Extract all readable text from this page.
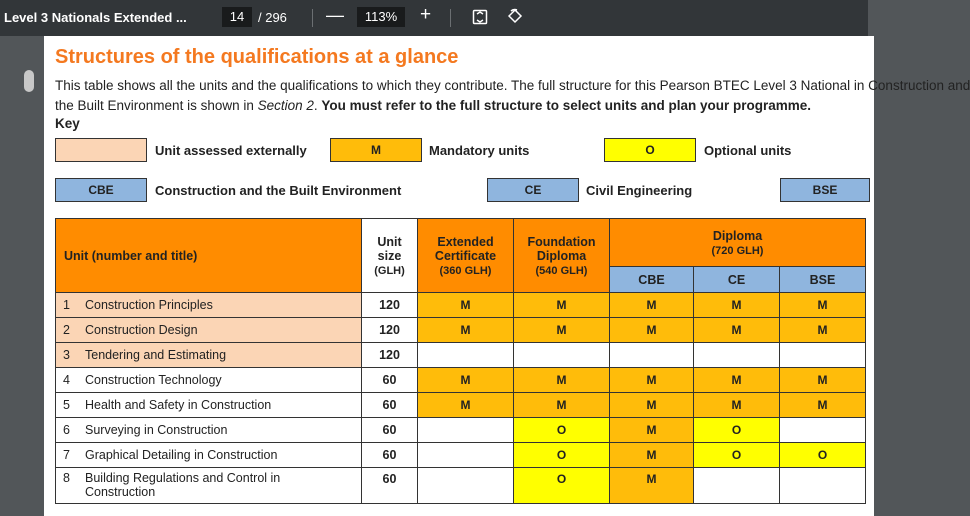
Level 3 Nationals Extended ...	14	/ 296 —	113%	+
Structures of the qualifications at a glance
This table shows all the units and the qualifications to which they contribute. The full structure for this Pearson BTEC Level 3 National in Construction and
the Built Environment is shown in Section 2. You must refer to the full structure to select units and plan your programme.
Key
Unit assessed externally	M	Mandatory units	O	Optional units
CBE	Construction and the Built Environment	CE	Civil Engineering	BSE
Unit (number and title)	Unit
size
(GLH)	Extended
Certificate
(360 GLH)	Foundation
Diploma
(540 GLH)	Diploma
(720 GLH)		
				CBE	CE	BSE
1 Construction Principles	120	M	M	M	M	M
2 Construction Design	120	M	M	M	M	M
3 Tendering and Estimating	120					
4 Construction Technology	60	M	M	M	M	M
5 Health and Safety in Construction	60	M	M	M	M	M
6 Surveying in Construction	60		O	M	O	
7 Graphical Detailing in Construction	60		O	M	O	O
8 Building Regulations and Control in
Construction	60		O	M		
